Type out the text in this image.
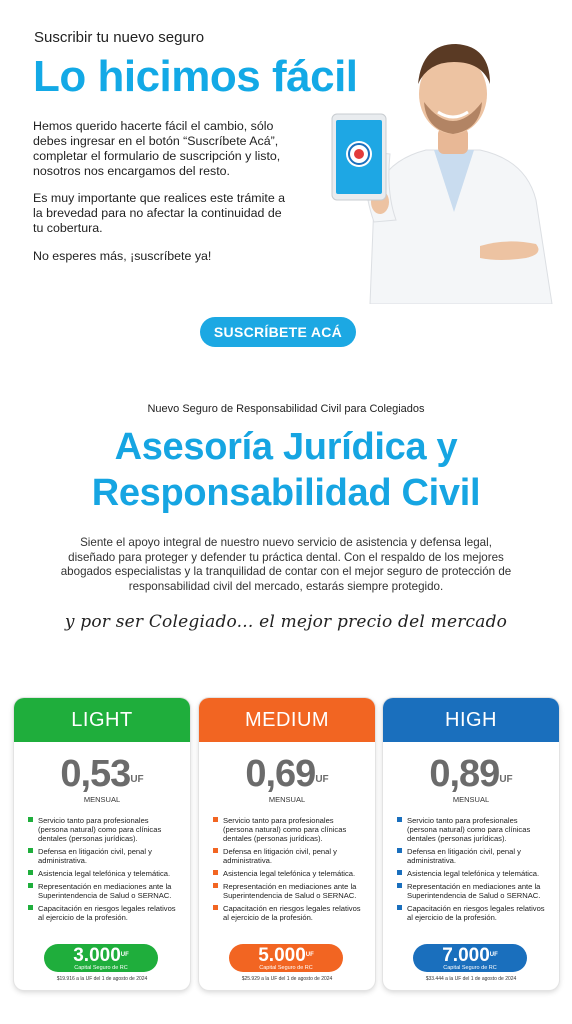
Suscribir tu nuevo seguro
Lo hicimos fácil

Hemos querido hacerte fácil el cambio, sólo debes ingresar en el botón “Suscríbete Acá”, completar el formulario de suscripción y listo, nosotros nos encargamos del resto.

Es muy importante que realices este trámite a la brevedad para no afectar la continuidad de tu cobertura.

No esperes más, ¡suscríbete ya!

SUSCRÍBETE ACÁ
Nuevo Seguro de Responsabilidad Civil para Colegiados
Asesoría Jurídica y
Responsabilidad Civil

Siente el apoyo integral de nuestro nuevo servicio de asistencia y defensa legal, diseñado para proteger y defender tu práctica dental. Con el respaldo de los mejores abogados especialistas y la tranquilidad de contar con el mejor seguro de protección de responsabilidad civil del mercado, estarás siempre protegido.

y por ser Colegiado... el mejor precio del mercado
LIGHT
$0,53^{UF}$
MENSUAL
Servicio tanto para profesionales (persona natural) como para clínicas dentales (personas jurídicas).
Defensa en litigación civil, penal y administrativa.
Asistencia legal telefónica y telemática.
Representación en mediaciones ante la Superintendencia de Salud o SERNAC.
Capacitación en riesgos legales relativos al ejercicio de la profesión.
$3.000^{UF}$
Capital Seguro de RC
$19.916 a la UF del 1 de agosto de 2024
MEDIUM
$0,69^{UF}$
MENSUAL
Servicio tanto para profesionales (persona natural) como para clínicas dentales (personas jurídicas).
Defensa en litigación civil, penal y administrativa.
Asistencia legal telefónica y telemática.
Representación en mediaciones ante la Superintendencia de Salud o SERNAC.
Capacitación en riesgos legales relativos al ejercicio de la profesión.
$5.000^{UF}$
Capital Seguro de RC
$25.929 a la UF del 1 de agosto de 2024
HIGH
$0,89^{UF}$
MENSUAL
Servicio tanto para profesionales (persona natural) como para clínicas dentales (personas jurídicas).
Defensa en litigación civil, penal y administrativa.
Asistencia legal telefónica y telemática.
Representación en mediaciones ante la Superintendencia de Salud o SERNAC.
Capacitación en riesgos legales relativos al ejercicio de la profesión.
$7.000^{UF}$
Capital Seguro de RC
$33.444 a la UF del 1 de agosto de 2024
